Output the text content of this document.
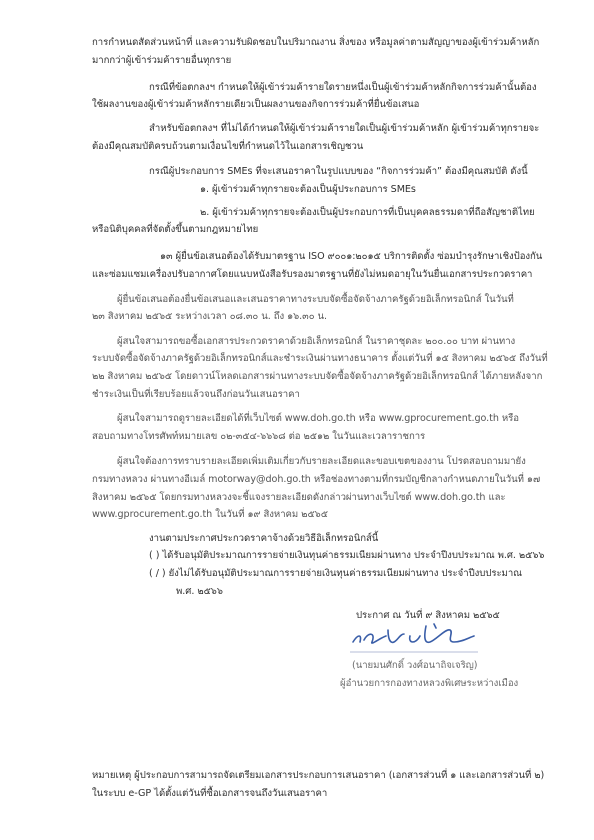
การกำหนดสัดส่วนหน้าที่ และความรับผิดชอบในปริมาณงาน สิ่งของ หรือมูลค่าตามสัญญาของผู้เข้าร่วมค้าหลัก
มากกว่าผู้เข้าร่วมค้ารายอื่นทุกราย
กรณีที่ข้อตกลงฯ กำหนดให้ผู้เข้าร่วมค้ารายใดรายหนึ่งเป็นผู้เข้าร่วมค้าหลักกิจการร่วมค้านั้นต้อง
ใช้ผลงานของผู้เข้าร่วมค้าหลักรายเดียวเป็นผลงานของกิจการร่วมค้าที่ยื่นข้อเสนอ
สำหรับข้อตกลงฯ ที่ไม่ได้กำหนดให้ผู้เข้าร่วมค้ารายใดเป็นผู้เข้าร่วมค้าหลัก ผู้เข้าร่วมค้าทุกรายจะ
ต้องมีคุณสมบัติครบถ้วนตามเงื่อนไขที่กำหนดไว้ในเอกสารเชิญชวน
กรณีผู้ประกอบการ SMEs ที่จะเสนอราคาในรูปแบบของ “กิจการร่วมค้า” ต้องมีคุณสมบัติ ดังนี้
๑. ผู้เข้าร่วมค้าทุกรายจะต้องเป็นผู้ประกอบการ SMEs
๒. ผู้เข้าร่วมค้าทุกรายจะต้องเป็นผู้ประกอบการที่เป็นบุคคลธรรมดาที่ถือสัญชาติไทย
หรือนิติบุคคลที่จัดตั้งขึ้นตามกฎหมายไทย
๑๓ ผู้ยื่นข้อเสนอต้องได้รับมาตรฐาน ISO ๙๐๐๑:๒๐๑๕ บริการติดตั้ง ซ่อมบำรุงรักษาเชิงป้องกัน
และซ่อมแซมเครื่องปรับอากาศโดยแนบหนังสือรับรองมาตรฐานที่ยังไม่หมดอายุในวันยื่นเอกสารประกวดราคา
ผู้ยื่นข้อเสนอต้องยื่นข้อเสนอและเสนอราคาทางระบบจัดซื้อจัดจ้างภาครัฐด้วยอิเล็กทรอนิกส์ ในวันที่
๒๓ สิงหาคม ๒๕๖๕ ระหว่างเวลา ๐๘.๓๐ น. ถึง ๑๖.๓๐ น.
ผู้สนใจสามารถขอซื้อเอกสารประกวดราคาด้วยอิเล็กทรอนิกส์ ในราคาชุดละ ๒๐๐.๐๐ บาท ผ่านทาง
ระบบจัดซื้อจัดจ้างภาครัฐด้วยอิเล็กทรอนิกส์และชำระเงินผ่านทางธนาคาร ตั้งแต่วันที่ ๑๕ สิงหาคม ๒๕๖๕ ถึงวันที่
๒๒ สิงหาคม ๒๕๖๕ โดยดาวน์โหลดเอกสารผ่านทางระบบจัดซื้อจัดจ้างภาครัฐด้วยอิเล็กทรอนิกส์ ได้ภายหลังจาก
ชำระเงินเป็นที่เรียบร้อยแล้วจนถึงก่อนวันเสนอราคา
ผู้สนใจสามารถดูรายละเอียดได้ที่เว็บไซต์ www.doh.go.th หรือ www.gprocurement.go.th หรือ
สอบถามทางโทรศัพท์หมายเลข ๐๒-๓๕๔-๖๖๖๘ ต่อ ๒๕๑๒ ในวันและเวลาราชการ
ผู้สนใจต้องการทราบรายละเอียดเพิ่มเติมเกี่ยวกับรายละเอียดและขอบเขตของงาน โปรดสอบถามมายัง
กรมทางหลวง ผ่านทางอีเมล์ motorway@doh.go.th หรือช่องทางตามที่กรมบัญชีกลางกำหนดภายในวันที่ ๑๗
สิงหาคม ๒๕๖๕ โดยกรมทางหลวงจะชี้แจงรายละเอียดดังกล่าวผ่านทางเว็บไซต์ www.doh.go.th และ
www.gprocurement.go.th ในวันที่ ๑๙ สิงหาคม ๒๕๖๕
งานตามประกาศประกวดราคาจ้างด้วยวิธีอิเล็กทรอนิกส์นี้
( ) ได้รับอนุมัติประมาณการรายจ่ายเงินทุนค่าธรรมเนียมผ่านทาง ประจำปีงบประมาณ พ.ศ. ๒๕๖๖
( / ) ยังไม่ได้รับอนุมัติประมาณการรายจ่ายเงินทุนค่าธรรมเนียมผ่านทาง ประจำปีงบประมาณ
พ.ศ. ๒๕๖๖
ประกาศ ณ วันที่ ๙ สิงหาคม ๒๕๖๕
(นายมนศักดิ์ วงศ์อนาถิจเจริญ)
ผู้อำนวยการกองทางหลวงพิเศษระหว่างเมือง
หมายเหตุ ผู้ประกอบการสามารถจัดเตรียมเอกสารประกอบการเสนอราคา (เอกสารส่วนที่ ๑ และเอกสารส่วนที่ ๒)
ในระบบ e-GP ได้ตั้งแต่วันที่ซื้อเอกสารจนถึงวันเสนอราคา
